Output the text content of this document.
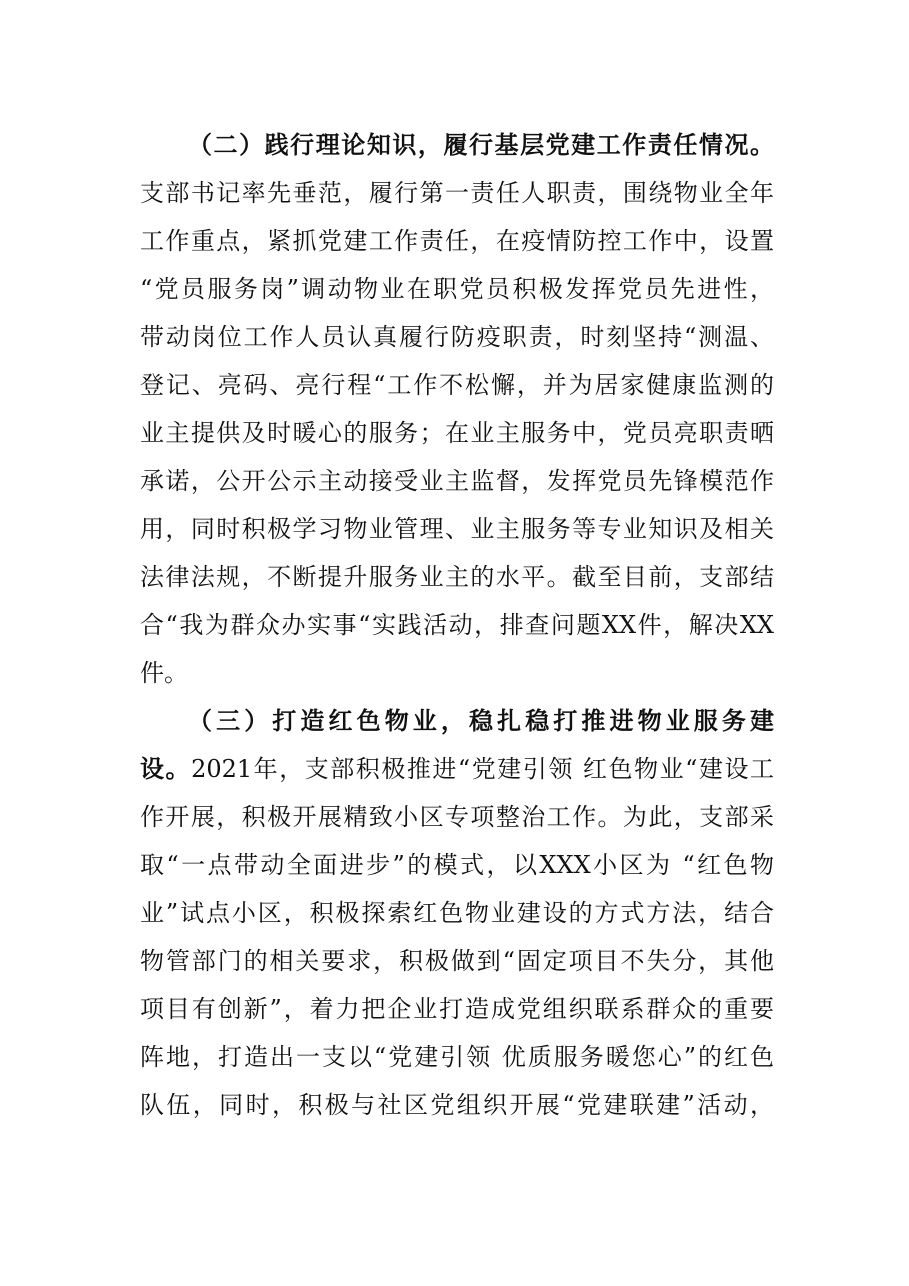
（二）践行理论知识，履行基层党建工作责任情况。
支部书记率先垂范，履行第一责任人职责，围绕物业全年
工作重点，紧抓党建工作责任，在疫情防控工作中，设置
“党员服务岗”调动物业在职党员积极发挥党员先进性，
带动岗位工作人员认真履行防疫职责，时刻坚持“测温、
登记、亮码、亮行程“工作不松懈，并为居家健康监测的
业主提供及时暖心的服务；在业主服务中，党员亮职责晒
承诺，公开公示主动接受业主监督，发挥党员先锋模范作
用，同时积极学习物业管理、业主服务等专业知识及相关
法律法规，不断提升服务业主的水平。截至目前，支部结
合“我为群众办实事“实践活动，排查问题XX件，解决XX
件。
（三）打造红色物业，稳扎稳打推进物业服务建
设。2021年，支部积极推进“党建引领 红色物业“建设工
作开展，积极开展精致小区专项整治工作。为此，支部采
取“一点带动全面进步”的模式，以XXX小区为 “红色物
业”试点小区，积极探索红色物业建设的方式方法，结合
物管部门的相关要求，积极做到“固定项目不失分，其他
项目有创新”，着力把企业打造成党组织联系群众的重要
阵地，打造出一支以“党建引领 优质服务暖您心”的红色
队伍，同时，积极与社区党组织开展“党建联建”活动，
